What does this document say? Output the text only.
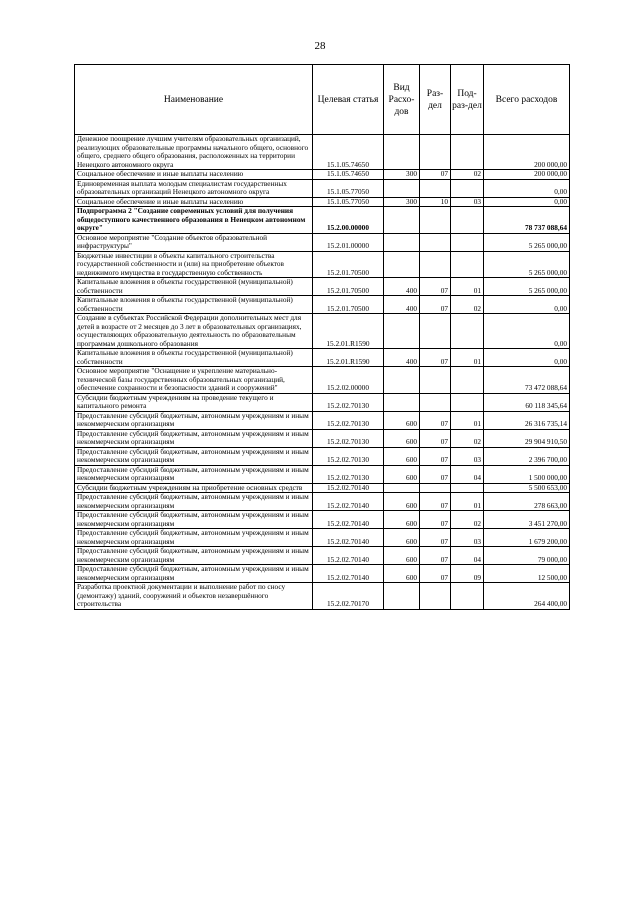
28
Наименование	Целевая статья	Вид Расхо-дов	Раз-дел	Под-раз-дел	Всего расходов
Денежное поощрение лучшим учителям образовательных организаций, реализующих образовательные программы начального общего, основного общего, среднего общего образования, расположенных на территории Ненецкого автономного округа	15.1.05.74650				200 000,00
Социальное обеспечение и иные выплаты населению	15.1.05.74650	300	07	02	200 000,00
Единовременная выплата молодым специалистам государственных образовательных организаций Ненецкого автономного округа	15.1.05.77050				0,00
Социальное обеспечение и иные выплаты населению	15.1.05.77050	300	10	03	0,00
Подпрограмма 2 "Создание современных условий для получения общедоступного качественного образования в Ненецком автономном округе"	15.2.00.00000				78 737 088,64
Основное мероприятие "Создание объектов образовательной инфраструктуры"	15.2.01.00000				5 265 000,00
Бюджетные инвестиции в объекты капитального строительства государственной собственности и (или) на приобретение объектов недвижимого имущества в государственную собственность	15.2.01.70500				5 265 000,00
Капитальные вложения в объекты государственной (муниципальной) собственности	15.2.01.70500	400	07	01	5 265 000,00
Капитальные вложения в объекты государственной (муниципальной) собственности	15.2.01.70500	400	07	02	0,00
Создание в субъектах Российской Федерации дополнительных мест для детей в возрасте от 2 месяцев до 3 лет в образовательных организациях, осуществляющих образовательную деятельность по образовательным программам дошкольного образования	15.2.01.R1590				0,00
Капитальные вложения в объекты государственной (муниципальной) собственности	15.2.01.R1590	400	07	01	0,00
Основное мероприятие "Оснащение и укрепление материально-технической базы государственных образовательных организаций, обеспечение сохранности и безопасности зданий и сооружений"	15.2.02.00000				73 472 088,64
Субсидии бюджетным учреждениям на проведение текущего и капитального ремонта	15.2.02.70130				60 118 345,64
Предоставление субсидий бюджетным, автономным учреждениям и иным некоммерческим организациям	15.2.02.70130	600	07	01	26 316 735,14
Предоставление субсидий бюджетным, автономным учреждениям и иным некоммерческим организациям	15.2.02.70130	600	07	02	29 904 910,50
Предоставление субсидий бюджетным, автономным учреждениям и иным некоммерческим организациям	15.2.02.70130	600	07	03	2 396 700,00
Предоставление субсидий бюджетным, автономным учреждениям и иным некоммерческим организациям	15.2.02.70130	600	07	04	1 500 000,00
Субсидии бюджетным учреждениям на приобретение основных средств	15.2.02.70140				5 500 653,00
Предоставление субсидий бюджетным, автономным учреждениям и иным некоммерческим организациям	15.2.02.70140	600	07	01	278 663,00
Предоставление субсидий бюджетным, автономным учреждениям и иным некоммерческим организациям	15.2.02.70140	600	07	02	3 451 270,00
Предоставление субсидий бюджетным, автономным учреждениям и иным некоммерческим организациям	15.2.02.70140	600	07	03	1 679 200,00
Предоставление субсидий бюджетным, автономным учреждениям и иным некоммерческим организациям	15.2.02.70140	600	07	04	79 000,00
Предоставление субсидий бюджетным, автономным учреждениям и иным некоммерческим организациям	15.2.02.70140	600	07	09	12 500,00
Разработка проектной документации и выполнение работ по сносу (демонтажу) зданий, сооружений и объектов незавершённого строительства	15.2.02.70170				264 400,00
